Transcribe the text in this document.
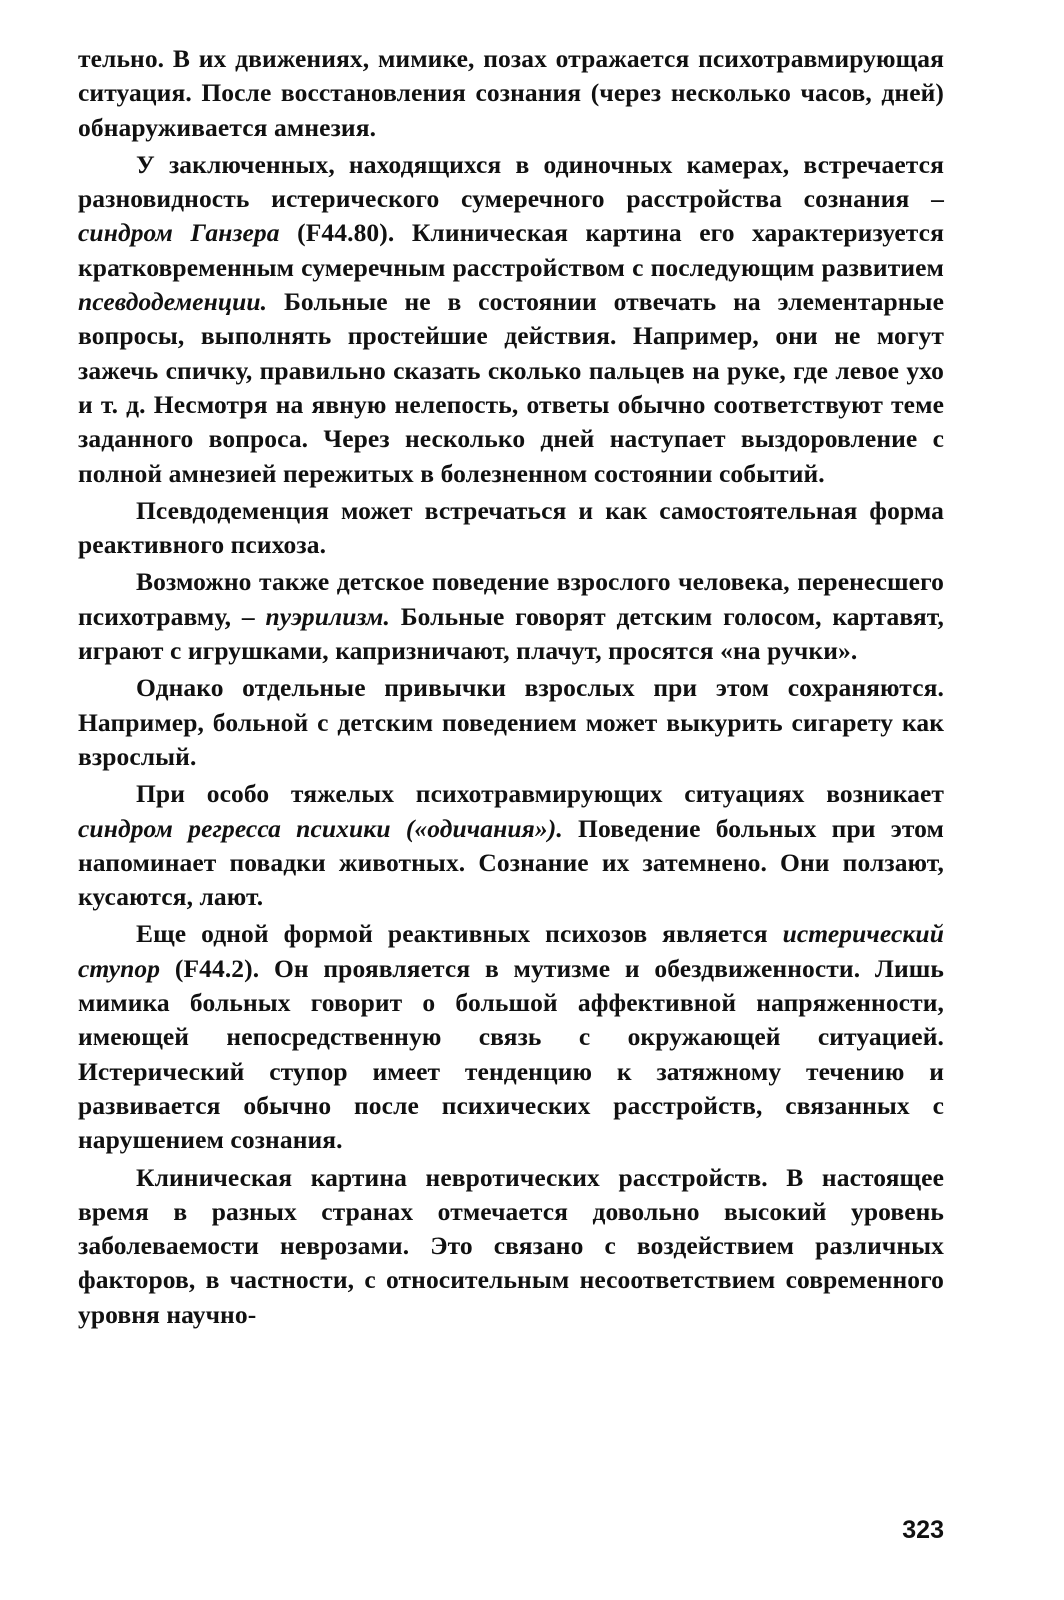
тельно. В их движениях, мимике, позах отражается психотравмирующая ситуация. После восстановления сознания (через несколько часов, дней) обнаруживается амнезия.

У заключенных, находящихся в одиночных камерах, встречается разновидность истерического сумеречного расстройства сознания – синдром Ганзера (F44.80). Клиническая картина его характеризуется кратковременным сумеречным расстройством с последующим развитием псевдодеменции. Больные не в состоянии отвечать на элементарные вопросы, выполнять простейшие действия. Например, они не могут зажечь спичку, правильно сказать сколько пальцев на руке, где левое ухо и т. д. Несмотря на явную нелепость, ответы обычно соответствуют теме заданного вопроса. Через несколько дней наступает выздоровление с полной амнезией пережитых в болезненном состоянии событий.

Псевдодеменция может встречаться и как самостоятельная форма реактивного психоза.

Возможно также детское поведение взрослого человека, перенесшего психотравму, – пуэрилизм. Больные говорят детским голосом, картавят, играют с игрушками, капризничают, плачут, просятся «на ручки».

Однако отдельные привычки взрослых при этом сохраняются. Например, больной с детским поведением может выкурить сигарету как взрослый.

При особо тяжелых психотравмирующих ситуациях возникает синдром регресса психики («одичания»). Поведение больных при этом напоминает повадки животных. Сознание их затемнено. Они ползают, кусаются, лают.

Еще одной формой реактивных психозов является истерический ступор (F44.2). Он проявляется в мутизме и обездвиженности. Лишь мимика больных говорит о большой аффективной напряженности, имеющей непосредственную связь с окружающей ситуацией. Истерический ступор имеет тенденцию к затяжному течению и развивается обычно после психических расстройств, связанных с нарушением сознания.

Клиническая картина невротических расстройств. В настоящее время в разных странах отмечается довольно высокий уровень заболеваемости неврозами. Это связано с воздействием различных факторов, в частности, с относительным несоответствием современного уровня научно-

323
